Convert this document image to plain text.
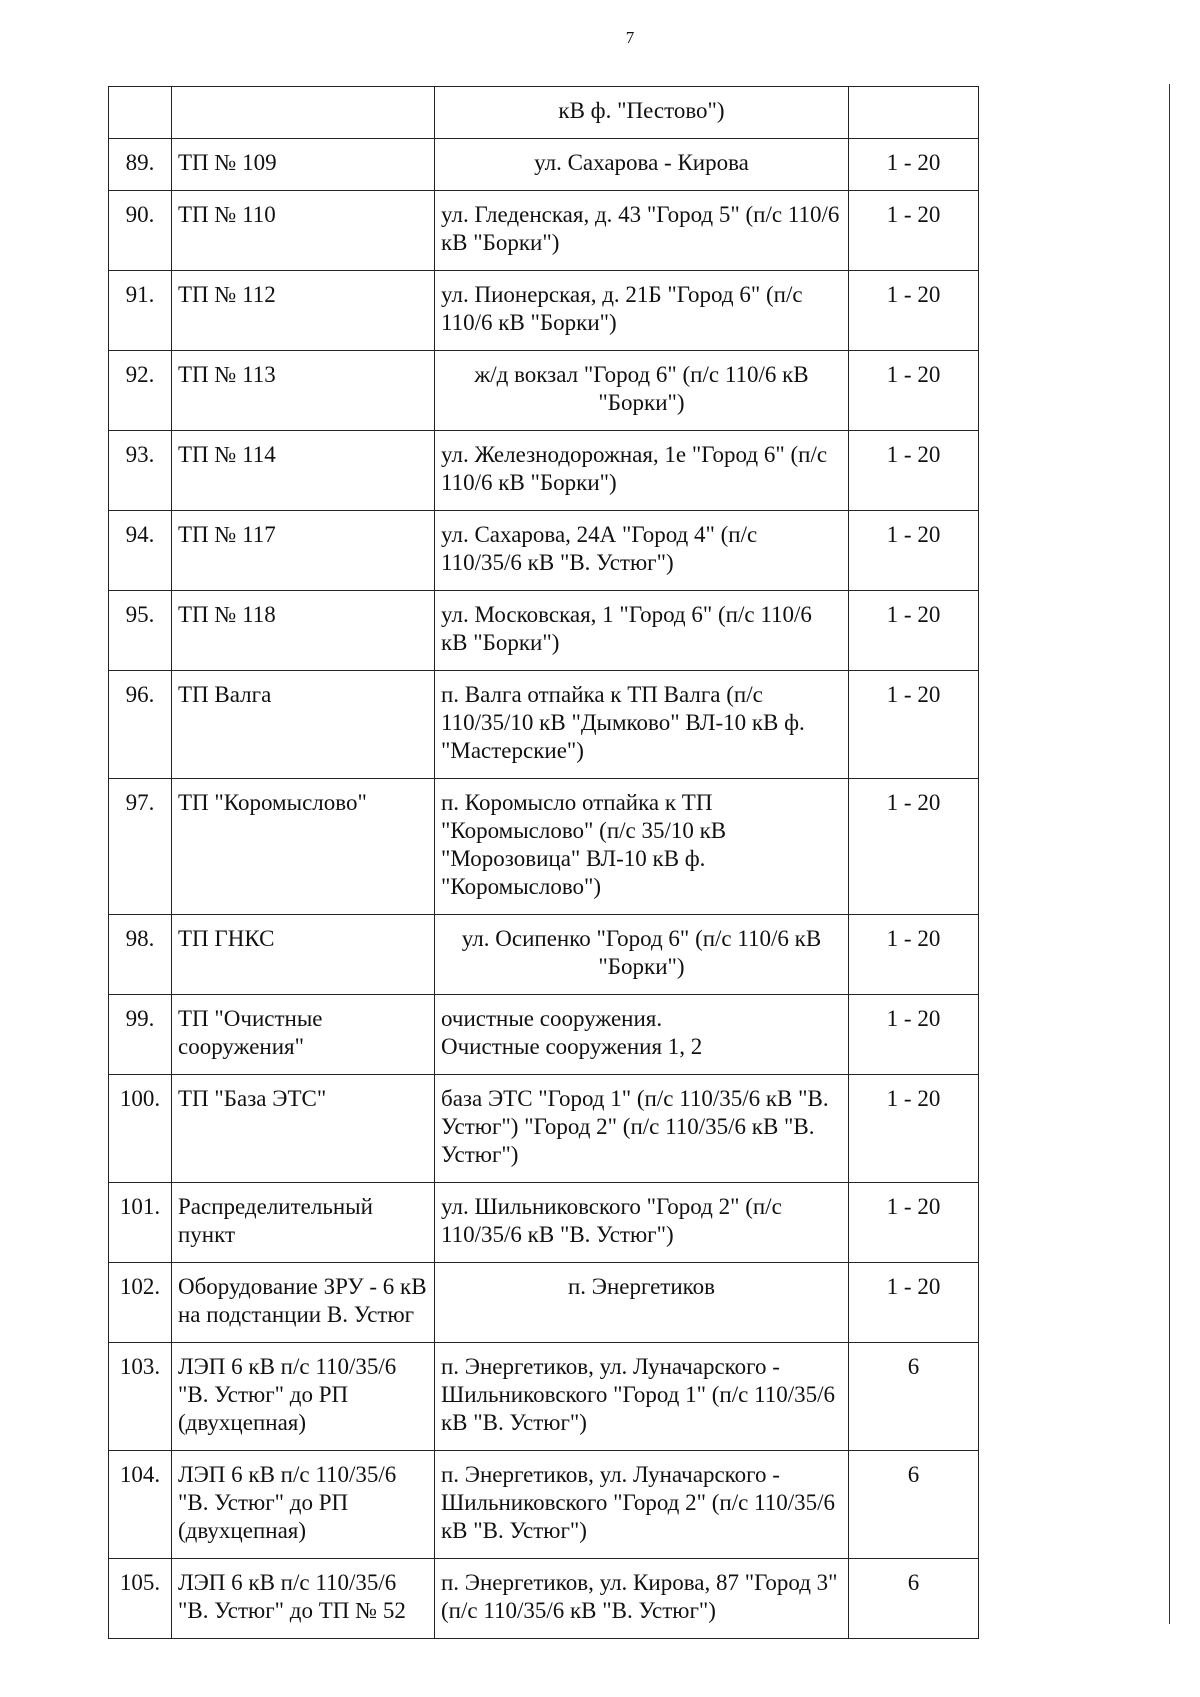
7

		кВ ф. "Пестово")	

89.	ТП № 109	ул. Сахарова - Кирова	1 - 20
90.	ТП № 110	ул. Гледенская, д. 43 "Город 5" (п/с 110/6 кВ "Борки")	1 - 20
91.	ТП № 112	ул. Пионерская, д. 21Б "Город 6" (п/с 110/6 кВ "Борки")	1 - 20
92.	ТП № 113	ж/д вокзал "Город 6" (п/с 110/6 кВ "Борки")	1 - 20
93.	ТП № 114	ул. Железнодорожная, 1е "Город 6" (п/с 110/6 кВ "Борки")	1 - 20
94.	ТП № 117	ул. Сахарова, 24А "Город 4" (п/с 110/35/6 кВ "В. Устюг")	1 - 20
95.	ТП № 118	ул. Московская, 1 "Город 6" (п/с 110/6 кВ "Борки")	1 - 20
96.	ТП Валга	п. Валга отпайка к ТП Валга (п/с 110/35/10 кВ "Дымково" ВЛ-10 кВ ф. "Мастерские")	1 - 20
97.	ТП "Коромыслово"	п. Коромысло отпайка к ТП "Коромыслово" (п/с 35/10 кВ "Морозовица" ВЛ-10 кВ ф. "Коромыслово")	1 - 20
98.	ТП ГНКС	ул. Осипенко "Город 6" (п/с 110/6 кВ "Борки")	1 - 20
99.	ТП "Очистные сооружения"	очистные сооружения.
Очистные сооружения 1, 2	1 - 20
100.	ТП "База ЭТС"	база ЭТС "Город 1" (п/с 110/35/6 кВ "В. Устюг") "Город 2" (п/с 110/35/6 кВ "В. Устюг")	1 - 20
101.	Распределительный пункт	ул. Шильниковского "Город 2" (п/с 110/35/6 кВ "В. Устюг")	1 - 20
102.	Оборудование ЗРУ - 6 кВ на подстанции В. Устюг	п. Энергетиков	1 - 20
103.	ЛЭП 6 кВ п/с 110/35/6 "В. Устюг" до РП (двухцепная)	п. Энергетиков, ул. Луначарского - Шильниковского "Город 1" (п/с 110/35/6 кВ "В. Устюг")	6
104.	ЛЭП 6 кВ п/с 110/35/6 "В. Устюг" до РП (двухцепная)	п. Энергетиков, ул. Луначарского - Шильниковского "Город 2" (п/с 110/35/6 кВ "В. Устюг")	6
105.	ЛЭП 6 кВ п/с 110/35/6 "В. Устюг" до ТП № 52	п. Энергетиков, ул. Кирова, 87 "Город 3" (п/с 110/35/6 кВ "В. Устюг")	6
